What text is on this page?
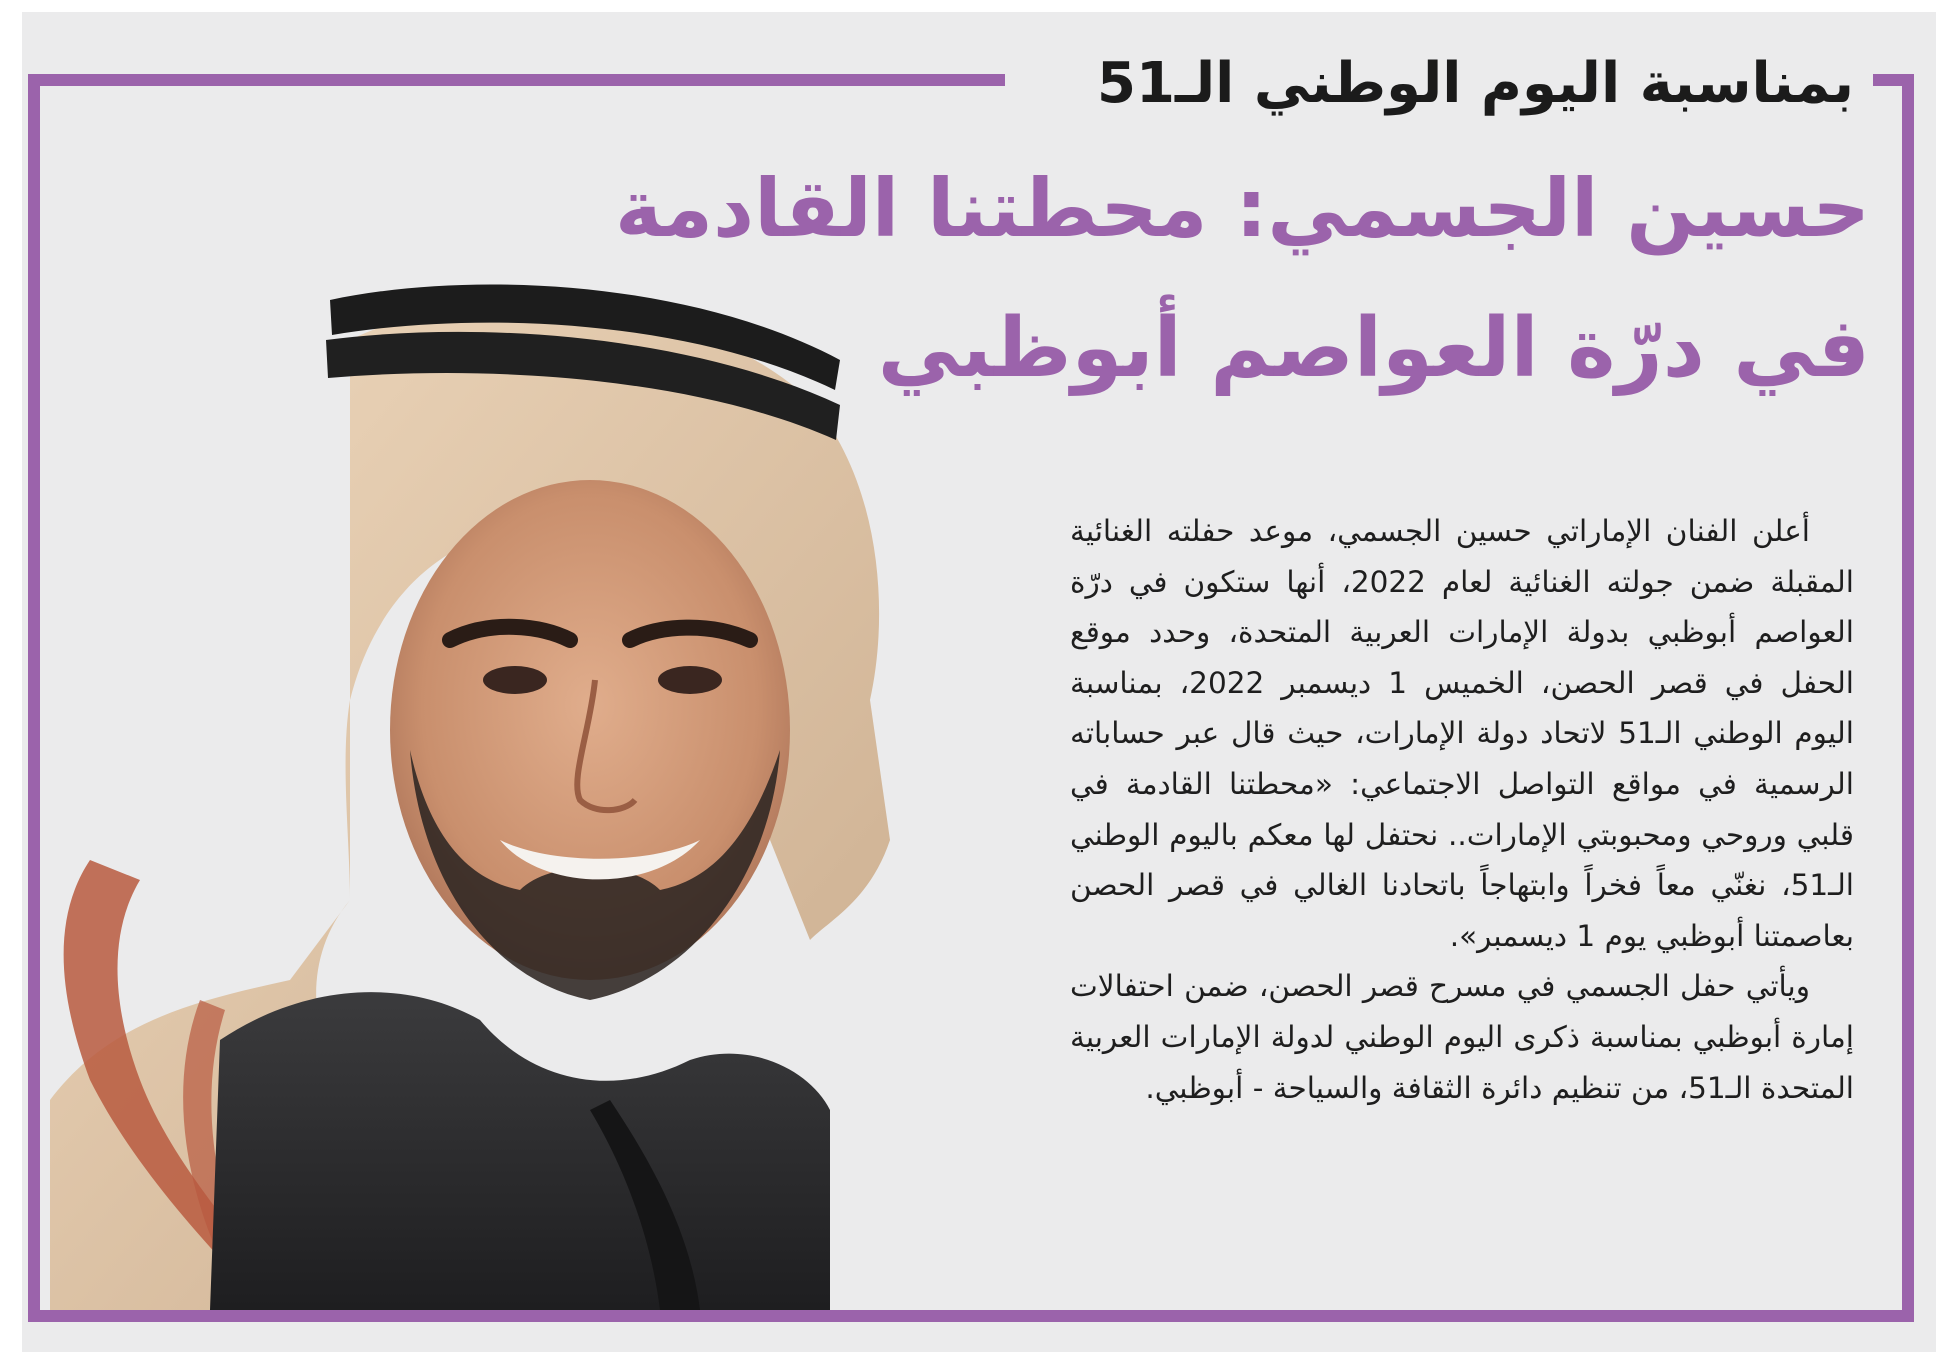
بمناسبة اليوم الوطني الـ51
حسين الجسمي: محطتنا القادمة
في درّة العواصم أبوظبي

أعلن الفنان الإماراتي حسين الجسمي، موعد حفلته الغنائية المقبلة ضمن جولته الغنائية لعام 2022، أنها ستكون في درّة العواصم أبوظبي بدولة الإمارات العربية المتحدة، وحدد موقع الحفل في قصر الحصن، الخميس 1 ديسمبر 2022، بمناسبة اليوم الوطني الـ51 لاتحاد دولة الإمارات، حيث قال عبر حساباته الرسمية في مواقع التواصل الاجتماعي: «محطتنا القادمة في قلبي وروحي ومحبوبتي الإمارات.. نحتفل لها معكم باليوم الوطني الـ51، نغنّي معاً فخراً وابتهاجاً باتحادنا الغالي في قصر الحصن بعاصمتنا أبوظبي يوم 1 ديسمبر».

ويأتي حفل الجسمي في مسرح قصر الحصن، ضمن احتفالات إمارة أبوظبي بمناسبة ذكرى اليوم الوطني لدولة الإمارات العربية المتحدة الـ51، من تنظيم دائرة الثقافة والسياحة - أبوظبي.
